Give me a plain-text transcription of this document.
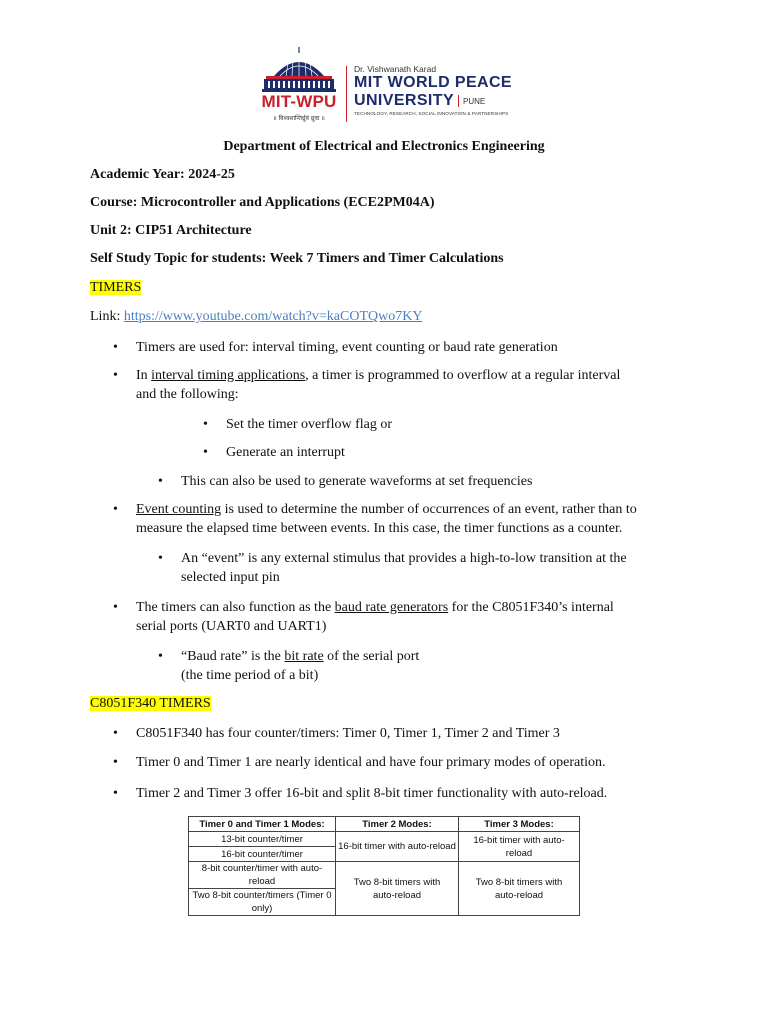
MIT-WPU
॥ विश्वशान्तिर्ध्रुवं ध्रुवा ॥
Dr. Vishwanath Karad
MIT WORLD PEACE
UNIVERSITY PUNE
TECHNOLOGY, RESEARCH, SOCIAL INNOVATION & PARTNERSHIPS
Department of Electrical and Electronics Engineering
Academic Year: 2024-25
Course: Microcontroller and Applications (ECE2PM04A)
Unit 2: CIP51 Architecture
Self Study Topic for students: Week 7 Timers and Timer Calculations
TIMERS
Link: https://www.youtube.com/watch?v=kaCOTQwo7KY
• Timers are used for: interval timing, event counting or baud rate generation
• In interval timing applications, a timer is programmed to overflow at a regular interval
and the following:
• Set the timer overflow flag or
• Generate an interrupt
• This can also be used to generate waveforms at set frequencies
• Event counting is used to determine the number of occurrences of an event, rather than to
measure the elapsed time between events. In this case, the timer functions as a counter.
• An “event” is any external stimulus that provides a high-to-low transition at the
selected input pin
• The timers can also function as the baud rate generators for the C8051F340’s internal
serial ports (UART0 and UART1)
• “Baud rate” is the bit rate of the serial port
(the time period of a bit)
C8051F340 TIMERS
• C8051F340 has four counter/timers: Timer 0, Timer 1, Timer 2 and Timer 3
• Timer 0 and Timer 1 are nearly identical and have four primary modes of operation.
• Timer 2 and Timer 3 offer 16-bit and split 8-bit timer functionality with auto-reload.
Timer 0 and Timer 1 Modes:	Timer 2 Modes:	Timer 3 Modes:
13-bit counter/timer	16-bit timer with auto-reload	16-bit timer with auto-reload
16-bit counter/timer		
8-bit counter/timer with auto-reload	Two 8-bit timers with auto-reload	Two 8-bit timers with auto-reload
Two 8-bit counter/timers (Timer 0 only)		
